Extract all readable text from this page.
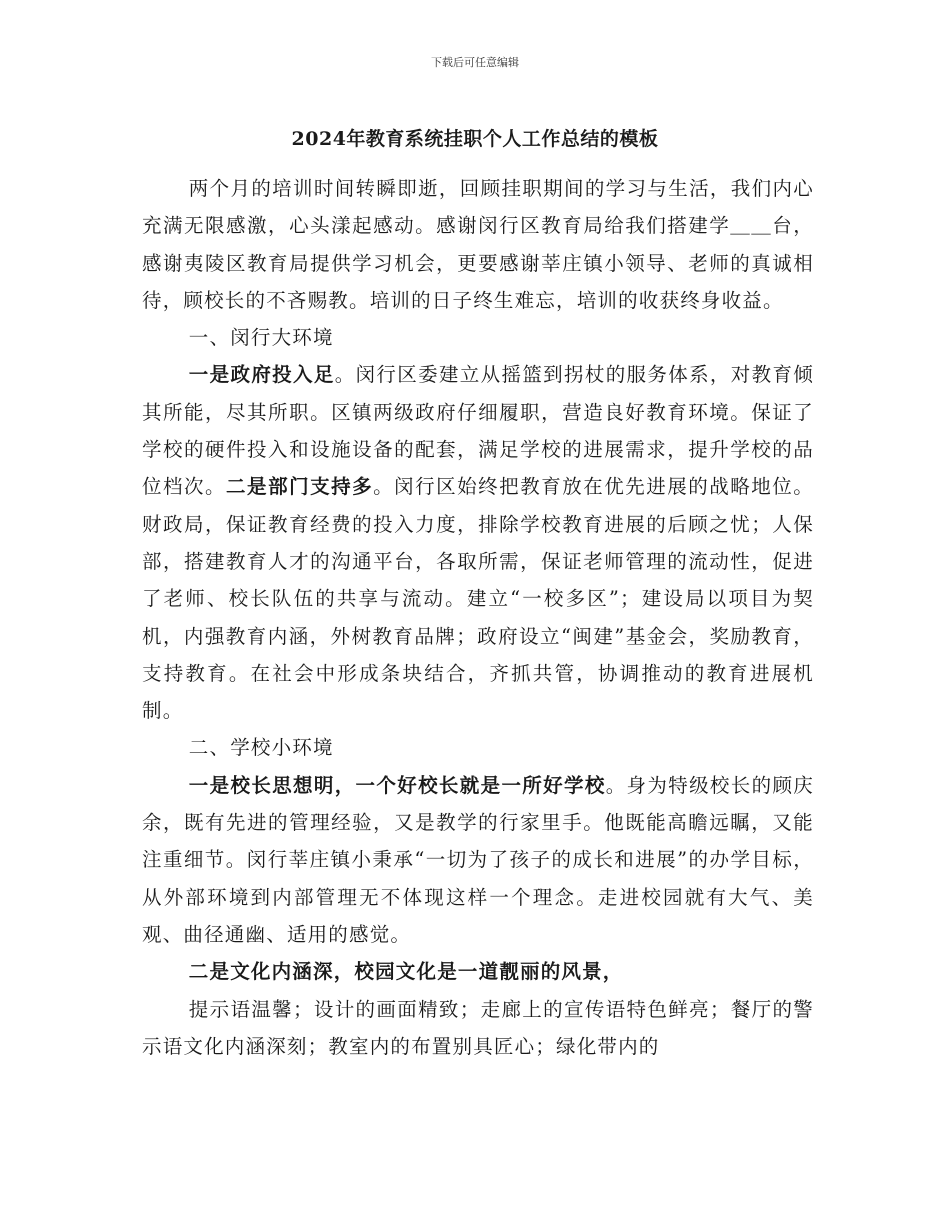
下载后可任意编辑
2024年教育系统挂职个人工作总结的模板

两个月的培训时间转瞬即逝，回顾挂职期间的学习与生活，我们内心充满无限感激，心头漾起感动。感谢闵行区教育局给我们搭建学＿＿台，感谢夷陵区教育局提供学习机会，更要感谢莘庄镇小领导、老师的真诚相待，顾校长的不吝赐教。培训的日子终生难忘，培训的收获终身收益。

一、闵行大环境

一是政府投入足。闵行区委建立从摇篮到拐杖的服务体系，对教育倾其所能，尽其所职。区镇两级政府仔细履职，营造良好教育环境。保证了学校的硬件投入和设施设备的配套，满足学校的进展需求，提升学校的品位档次。二是部门支持多。闵行区始终把教育放在优先进展的战略地位。财政局，保证教育经费的投入力度，排除学校教育进展的后顾之忧；人保部，搭建教育人才的沟通平台，各取所需，保证老师管理的流动性，促进了老师、校长队伍的共享与流动。建立“一校多区”；建设局以项目为契机，内强教育内涵，外树教育品牌；政府设立“闽建”基金会，奖励教育，支持教育。在社会中形成条块结合，齐抓共管，协调推动的教育进展机制。

二、学校小环境

一是校长思想明，一个好校长就是一所好学校。身为特级校长的顾庆余，既有先进的管理经验，又是教学的行家里手。他既能高瞻远瞩，又能注重细节。闵行莘庄镇小秉承“一切为了孩子的成长和进展”的办学目标，从外部环境到内部管理无不体现这样一个理念。走进校园就有大气、美观、曲径通幽、适用的感觉。

二是文化内涵深，校园文化是一道靓丽的风景，

提示语温馨；设计的画面精致；走廊上的宣传语特色鲜亮；餐厅的警示语文化内涵深刻；教室内的布置别具匠心；绿化带内的
